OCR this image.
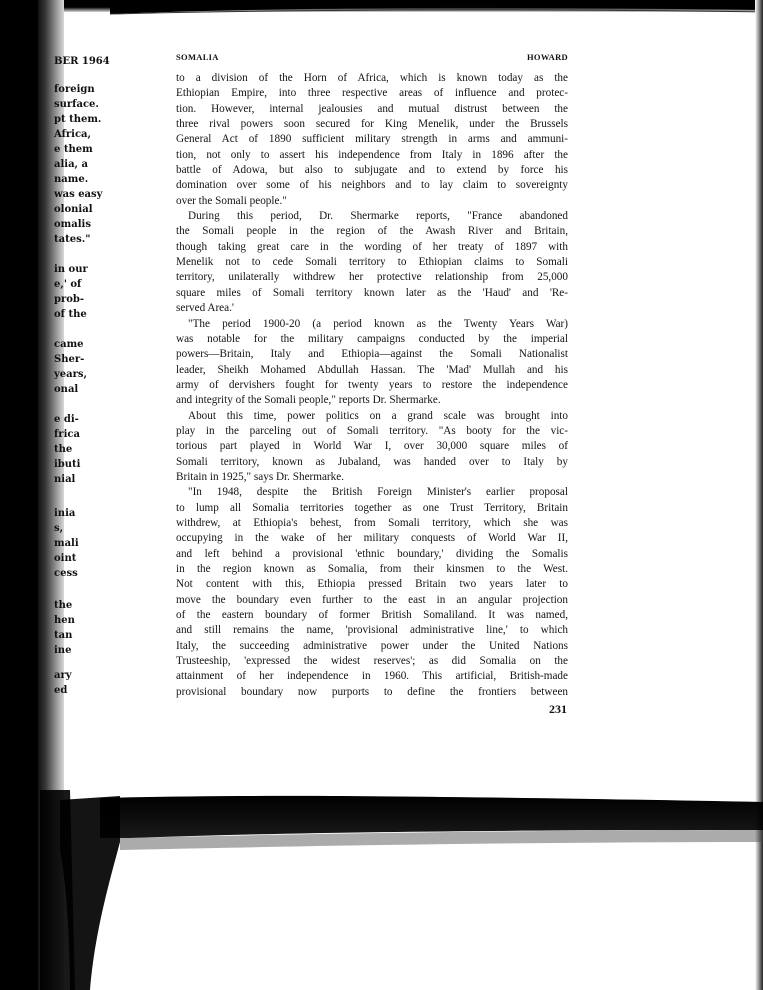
BER 1964
foreign
surface.
pt them.
Africa,
e them
alia, a
name.
was easy
olonial
omalis
tates."
in our
e,' of
prob-
of the
came
Sher-
years,
onal
e di-
frica
the
ibuti
nial
inia
s,
mali
oint
cess
the
hen
tan
ine
ary
ed
SOMALIA	HOWARD
to a division of the Horn of Africa, which is known today as the
Ethiopian Empire, into three respective areas of influence and protec-
tion. However, internal jealousies and mutual distrust between the
three rival powers soon secured for King Menelik, under the Brussels
General Act of 1890 sufficient military strength in arms and ammuni-
tion, not only to assert his independence from Italy in 1896 after the
battle of Adowa, but also to subjugate and to extend by force his
domination over some of his neighbors and to lay claim to sovereignty
over the Somali people."
During this period, Dr. Shermarke reports, "France abandoned
the Somali people in the region of the Awash River and Britain,
though taking great care in the wording of her treaty of 1897 with
Menelik not to cede Somali territory to Ethiopian claims to Somali
territory, unilaterally withdrew her protective relationship from 25,000
square miles of Somali territory known later as the 'Haud' and 'Re-
served Area.'
"The period 1900-20 (a period known as the Twenty Years War)
was notable for the military campaigns conducted by the imperial
powers—Britain, Italy and Ethiopia—against the Somali Nationalist
leader, Sheikh Mohamed Abdullah Hassan. The 'Mad' Mullah and his
army of dervishers fought for twenty years to restore the independence
and integrity of the Somali people," reports Dr. Shermarke.
About this time, power politics on a grand scale was brought into
play in the parceling out of Somali territory. "As booty for the vic-
torious part played in World War I, over 30,000 square miles of
Somali territory, known as Jubaland, was handed over to Italy by
Britain in 1925," says Dr. Shermarke.
"In 1948, despite the British Foreign Minister's earlier proposal
to lump all Somalia territories together as one Trust Territory, Britain
withdrew, at Ethiopia's behest, from Somali territory, which she was
occupying in the wake of her military conquests of World War II,
and left behind a provisional 'ethnic boundary,' dividing the Somalis
in the region known as Somalia, from their kinsmen to the West.
Not content with this, Ethiopia pressed Britain two years later to
move the boundary even further to the east in an angular projection
of the eastern boundary of former British Somaliland. It was named,
and still remains the name, 'provisional administrative line,' to which
Italy, the succeeding administrative power under the United Nations
Trusteeship, 'expressed the widest reserves'; as did Somalia on the
attainment of her independence in 1960. This artificial, British-made
provisional boundary now purports to define the frontiers between
231
